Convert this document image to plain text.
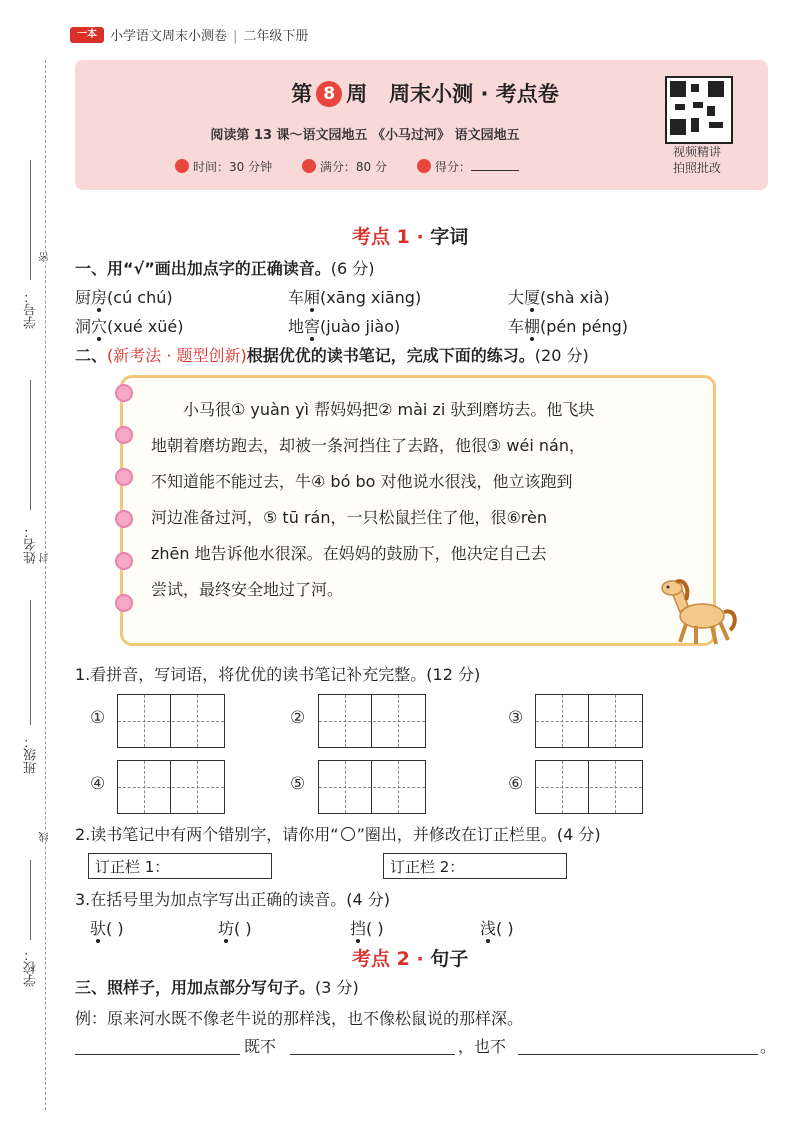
一本	小学语文周末小测卷 | 二年级下册
密
封
线
学号：
姓名：
班级：
学校：
第 8 周 周末小测 · 考点卷
阅读第 13 课～语文园地五 《小马过河》 语文园地五
时间：30 分钟	满分：80 分	得分：
视频精讲
拍照批改
考点 1 · 字词
一、用“√”画出加点字的正确读音。(6 分)
厨房(cú chú)	车厢(xāng xiāng)	大厦(shà xià)
洞穴(xué xüé)	地窖(juào jiào)	车棚(pén péng)
二、(新考法 · 题型创新)根据优优的读书笔记，完成下面的练习。(20 分)

小马很① yuàn yì 帮妈妈把② mài zi 驮到磨坊去。他飞块

地朝着磨坊跑去，却被一条河挡住了去路，他很③ wéi nán，

不知道能不能过去，牛④ bó bo 对他说水很浅，他立该跑到

河边准备过河，⑤ tū rán，一只松鼠拦住了他，很⑥rèn

zhēn 地告诉他水很深。在妈妈的鼓励下，他决定自己去

尝试，最终安全地过了河。

1.看拼音，写词语，将优优的读书笔记补充完整。(12 分)
①	②	③
④	⑤	⑥
2.读书笔记中有两个错别字，请你用“ ”圈出，并修改在订正栏里。(4 分)
订正栏 1：	订正栏 2：
3.在括号里为加点字写出正确的读音。(4 分)
驮( )	坊( )	挡( )	浅( )
考点 2 · 句子
三、照样子，用加点部分写句子。(3 分)
例：原来河水既不像老牛说的那样浅，也不像松鼠说的那样深。
既不	，也不	。
